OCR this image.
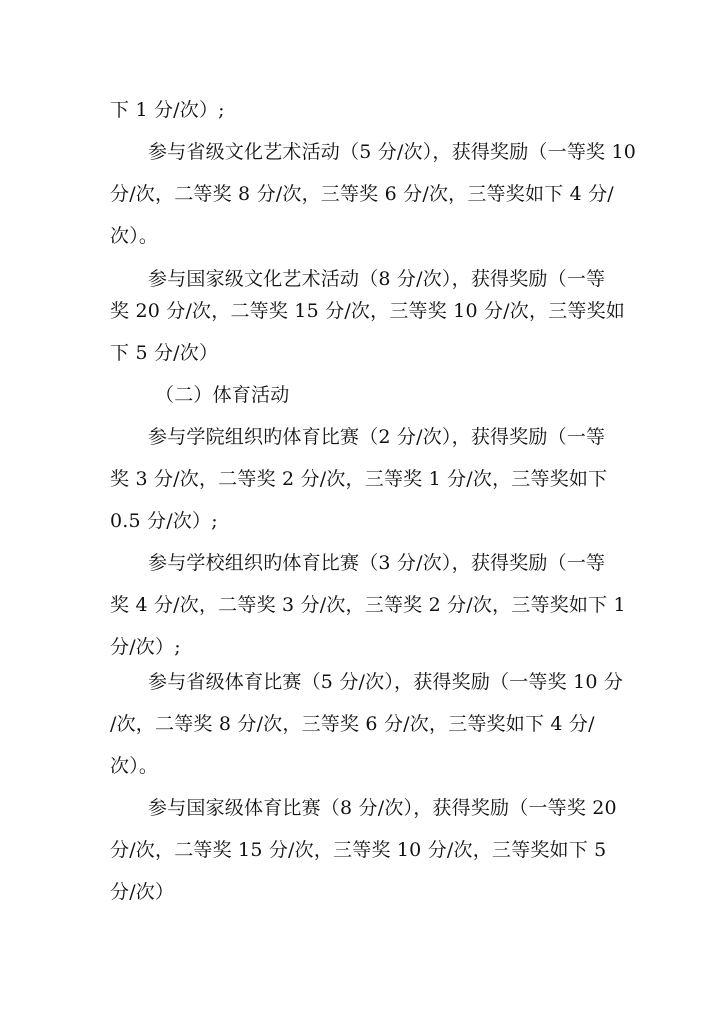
下 1 分/次）;
参与省级文化艺术活动（5 分/次），获得奖励（一等奖 10
分/次，二等奖 8 分/次，三等奖 6 分/次，三等奖如下 4 分/
次）。
参与国家级文化艺术活动（8 分/次），获得奖励（一等
奖 20 分/次，二等奖 15 分/次，三等奖 10 分/次，三等奖如
下 5 分/次）
（二）体育活动
参与学院组织旳体育比赛（2 分/次），获得奖励（一等
奖 3 分/次，二等奖 2 分/次，三等奖 1 分/次，三等奖如下
0.5 分/次）;
参与学校组织旳体育比赛（3 分/次），获得奖励（一等
奖 4 分/次，二等奖 3 分/次，三等奖 2 分/次，三等奖如下 1
分/次）;
参与省级体育比赛（5 分/次），获得奖励（一等奖 10 分
/次，二等奖 8 分/次，三等奖 6 分/次，三等奖如下 4 分/
次）。
参与国家级体育比赛（8 分/次），获得奖励（一等奖 20
分/次，二等奖 15 分/次，三等奖 10 分/次，三等奖如下 5
分/次）
